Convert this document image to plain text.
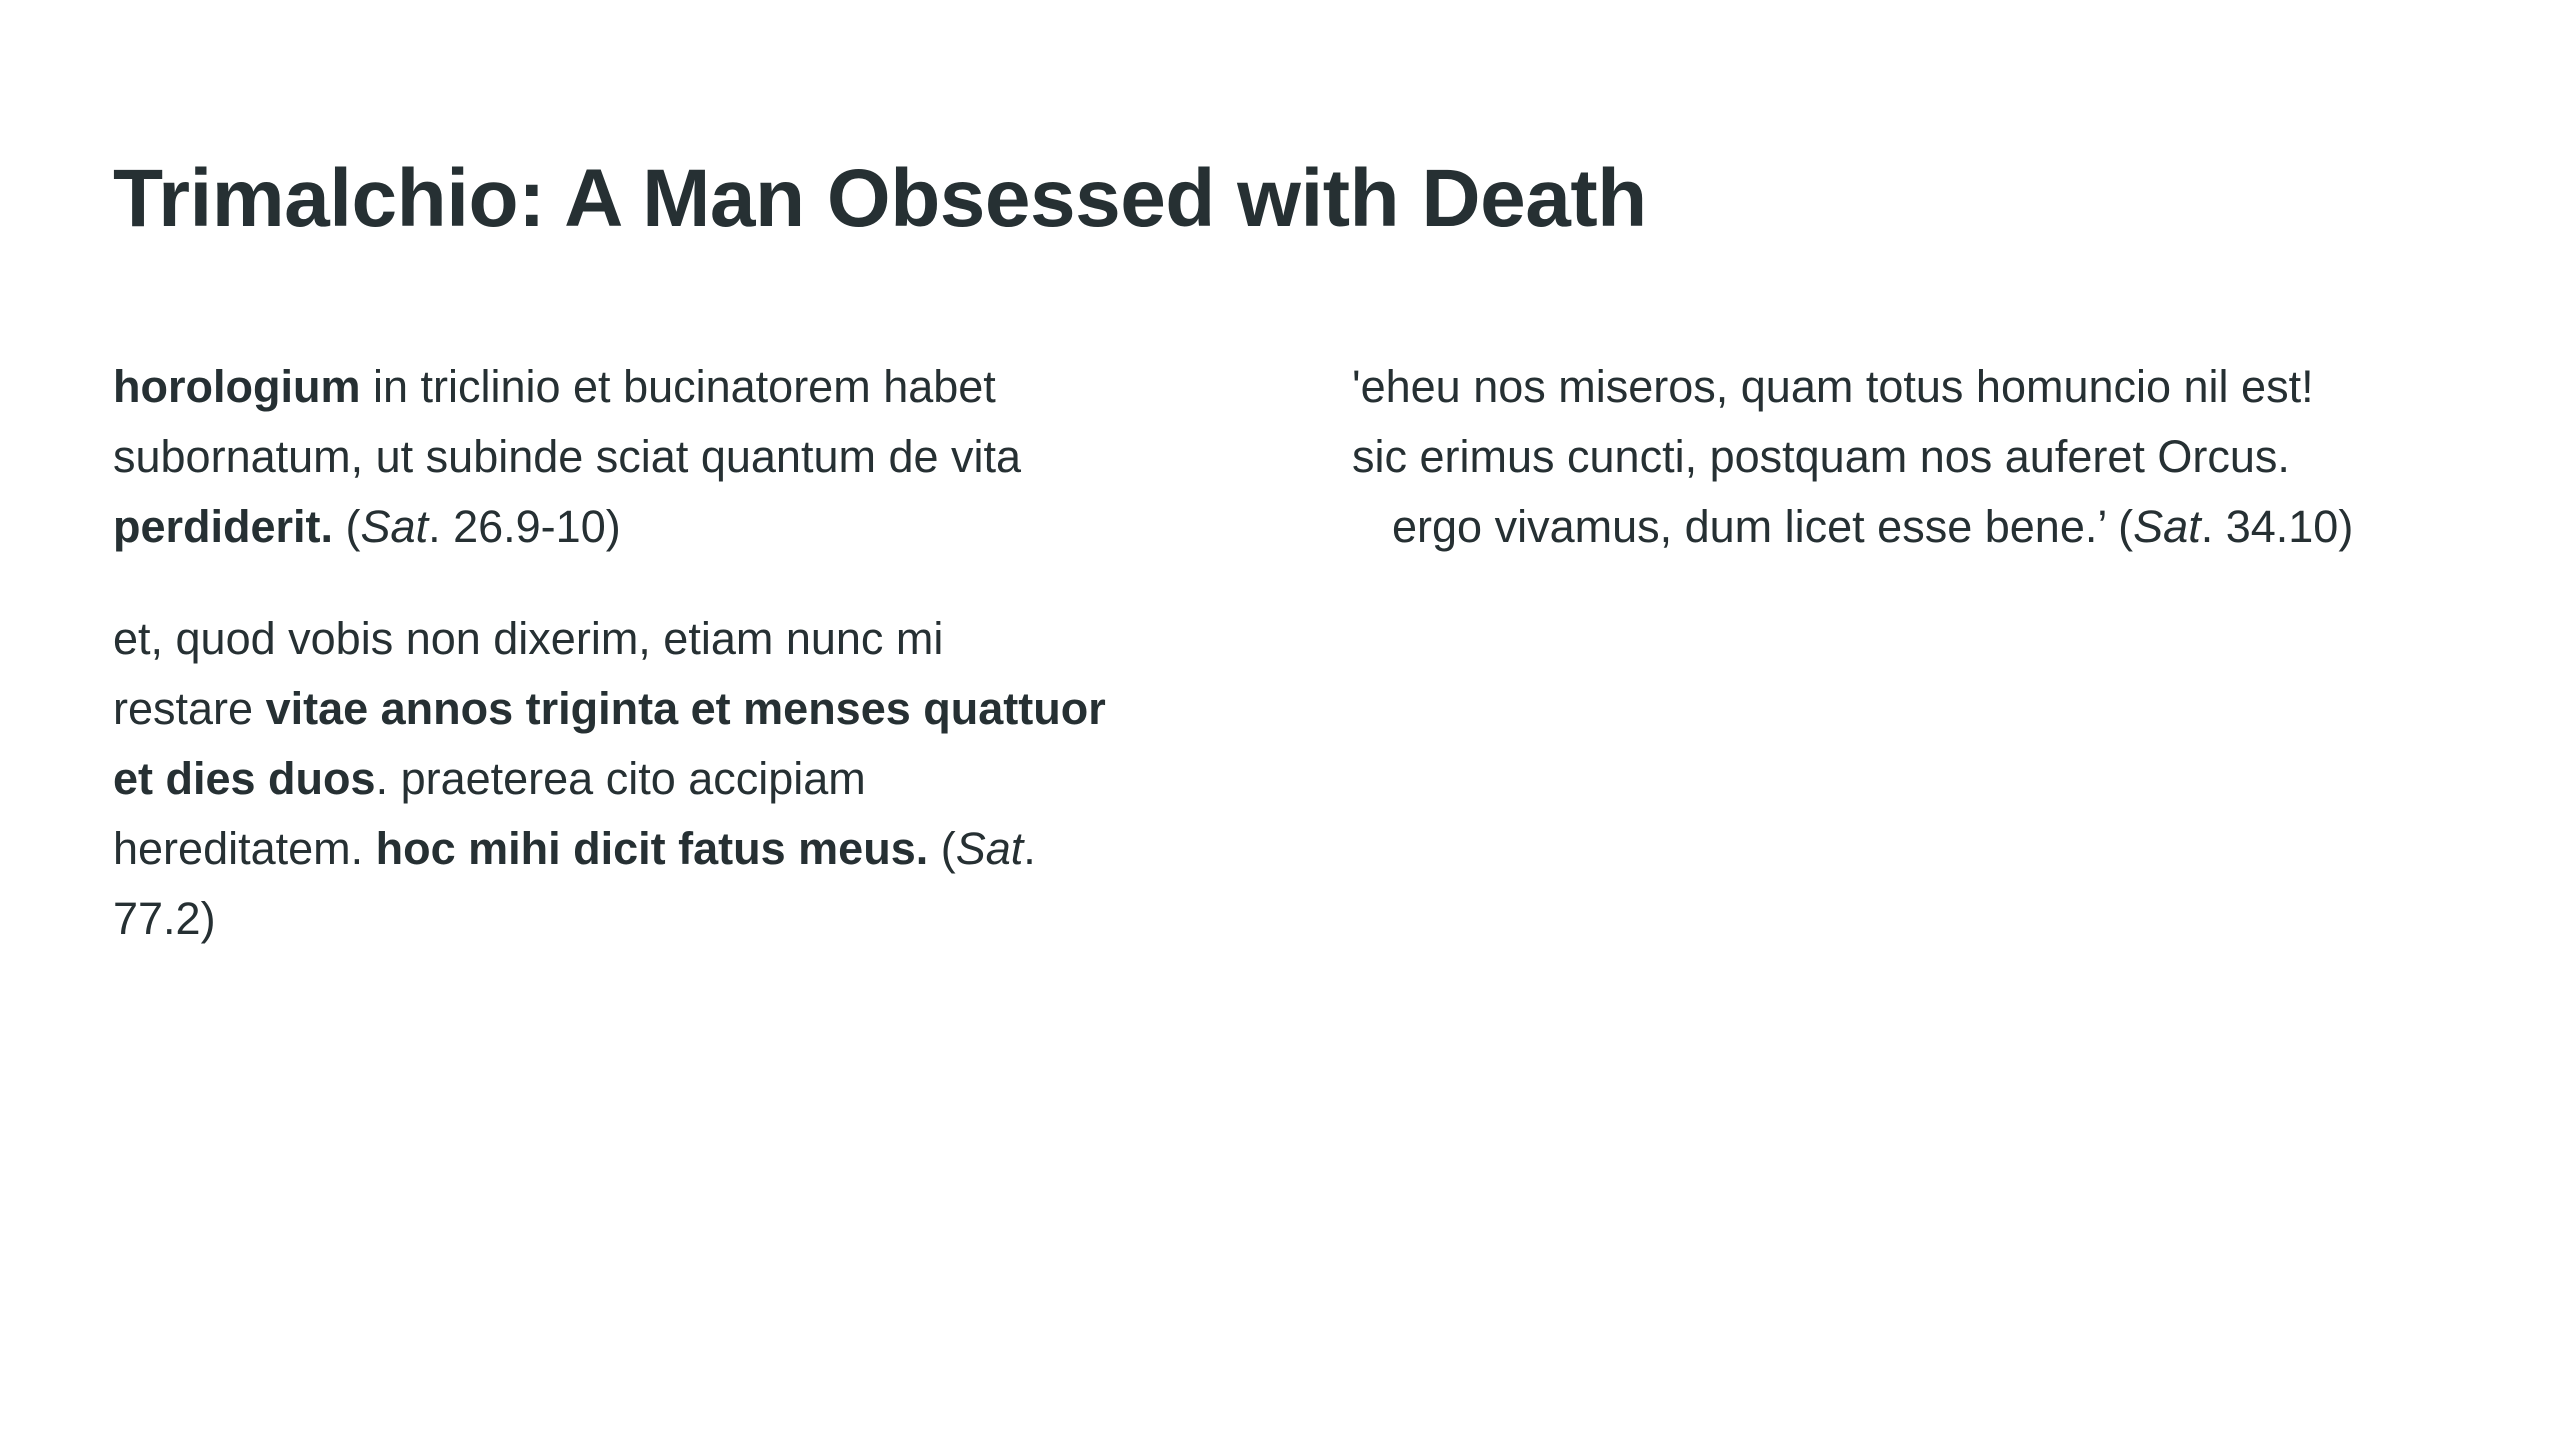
Trimalchio: A Man Obsessed with Death

horologium in triclinio et bucinatorem habet
subornatum, ut subinde sciat quantum de vita
perdiderit. (Sat. 26.9-10)

et, quod vobis non dixerim, etiam nunc mi
restare vitae annos triginta et menses quattuor
et dies duos. praeterea cito accipiam
hereditatem. hoc mihi dicit fatus meus. (Sat.
77.2)

'eheu nos miseros, quam totus homuncio nil est!
sic erimus cuncti, postquam nos auferet Orcus.
ergo vivamus, dum licet esse bene.’ (Sat. 34.10)
